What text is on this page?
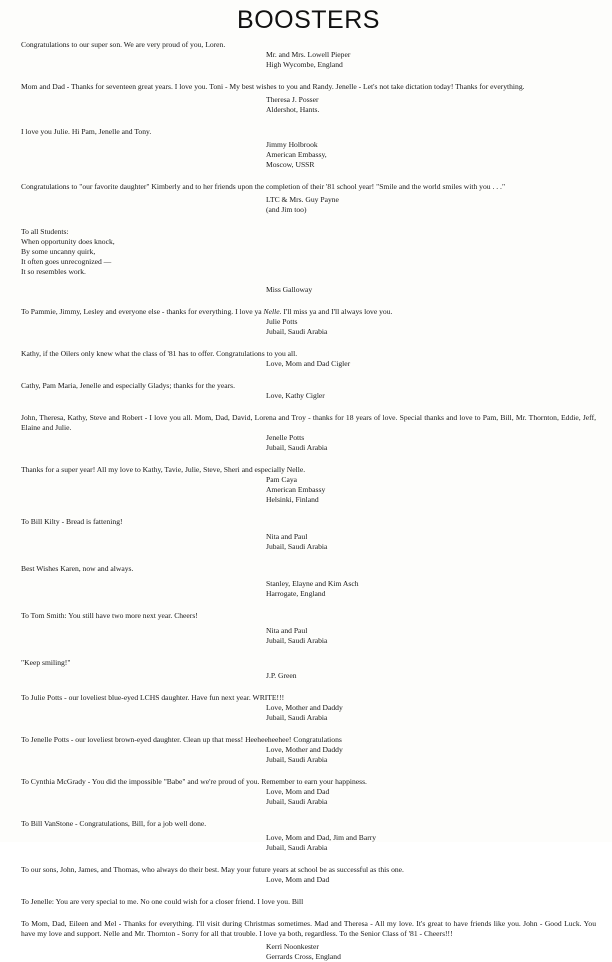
BOOSTERS

Congratulations to our super son. We are very proud of you, Loren.

Mr. and Mrs. Lowell Pieper
High Wycombe, England

Mom and Dad - Thanks for seventeen great years. I love you. Toni - My best wishes to you and Randy. Jenelle - Let's not take dictation today! Thanks for everything.

Theresa J. Posser
Aldershot, Hants.

I love you Julie. Hi Pam, Jenelle and Tony.

Jimmy Holbrook
American Embassy,
Moscow, USSR

Congratulations to "our favorite daughter" Kimberly and to her friends upon the completion of their '81 school year! "Smile and the world smiles with you . . ."

LTC & Mrs. Guy Payne
(and Jim too)

To all Students:
When opportunity does knock,
By some uncanny quirk,
It often goes unrecognized —
It so resembles work.

Miss Galloway

To Pammie, Jimmy, Lesley and everyone else - thanks for everything. I love ya Nelle. I'll miss ya and I'll always love you.

Julie Potts
Jubail, Saudi Arabia

Kathy, if the Oilers only knew what the class of '81 has to offer. Congratulations to you all.

Love, Mom and Dad Cigler

Cathy, Pam Maria, Jenelle and especially Gladys; thanks for the years.

Love, Kathy Cigler

John, Theresa, Kathy, Steve and Robert - I love you all. Mom, Dad, David, Lorena and Troy - thanks for 18 years of love. Special thanks and love to Pam, Bill, Mr. Thornton, Eddie, Jeff, Elaine and Julie.

Jenelle Potts
Jubail, Saudi Arabia

Thanks for a super year! All my love to Kathy, Tavie, Julie, Steve, Sheri and especially Nelle.

Pam Caya
American Embassy
Helsinki, Finland

To Bill Kilty - Bread is fattening!

Nita and Paul
Jubail, Saudi Arabia

Best Wishes Karen, now and always.

Stanley, Elayne and Kim Asch
Harrogate, England

To Tom Smith: You still have two more next year. Cheers!

Nita and Paul
Jubail, Saudi Arabia

"Keep smiling!"

J.P. Green

To Julie Potts - our loveliest blue-eyed LCHS daughter. Have fun next year. WRITE!!!

Love, Mother and Daddy
Jubail, Saudi Arabia

To Jenelle Potts - our loveliest brown-eyed daughter. Clean up that mess! Heeheeheehee! Congratulations

Love, Mother and Daddy
Jubail, Saudi Arabia

To Cynthia McGrady - You did the impossible "Babe" and we're proud of you. Remember to earn your happiness.

Love, Mom and Dad
Jubail, Saudi Arabia

To Bill VanStone - Congratulations, Bill, for a job well done.

Love, Mom and Dad, Jim and Barry
Jubail, Saudi Arabia

To our sons, John, James, and Thomas, who always do their best. May your future years at school be as successful as this one.

Love, Mom and Dad

To Jenelle: You are very special to me. No one could wish for a closer friend. I love you. Bill

To Mom, Dad, Eileen and Mel - Thanks for everything. I'll visit during Christmas sometimes. Mad and Theresa - All my love. It's great to have friends like you. John - Good Luck. You have my love and support. Nelle and Mr. Thornton - Sorry for all that trouble. I love ya both, regardless. To the Senior Class of '81 - Cheers!!!

Kerri Noonkester
Gerrards Cross, England
